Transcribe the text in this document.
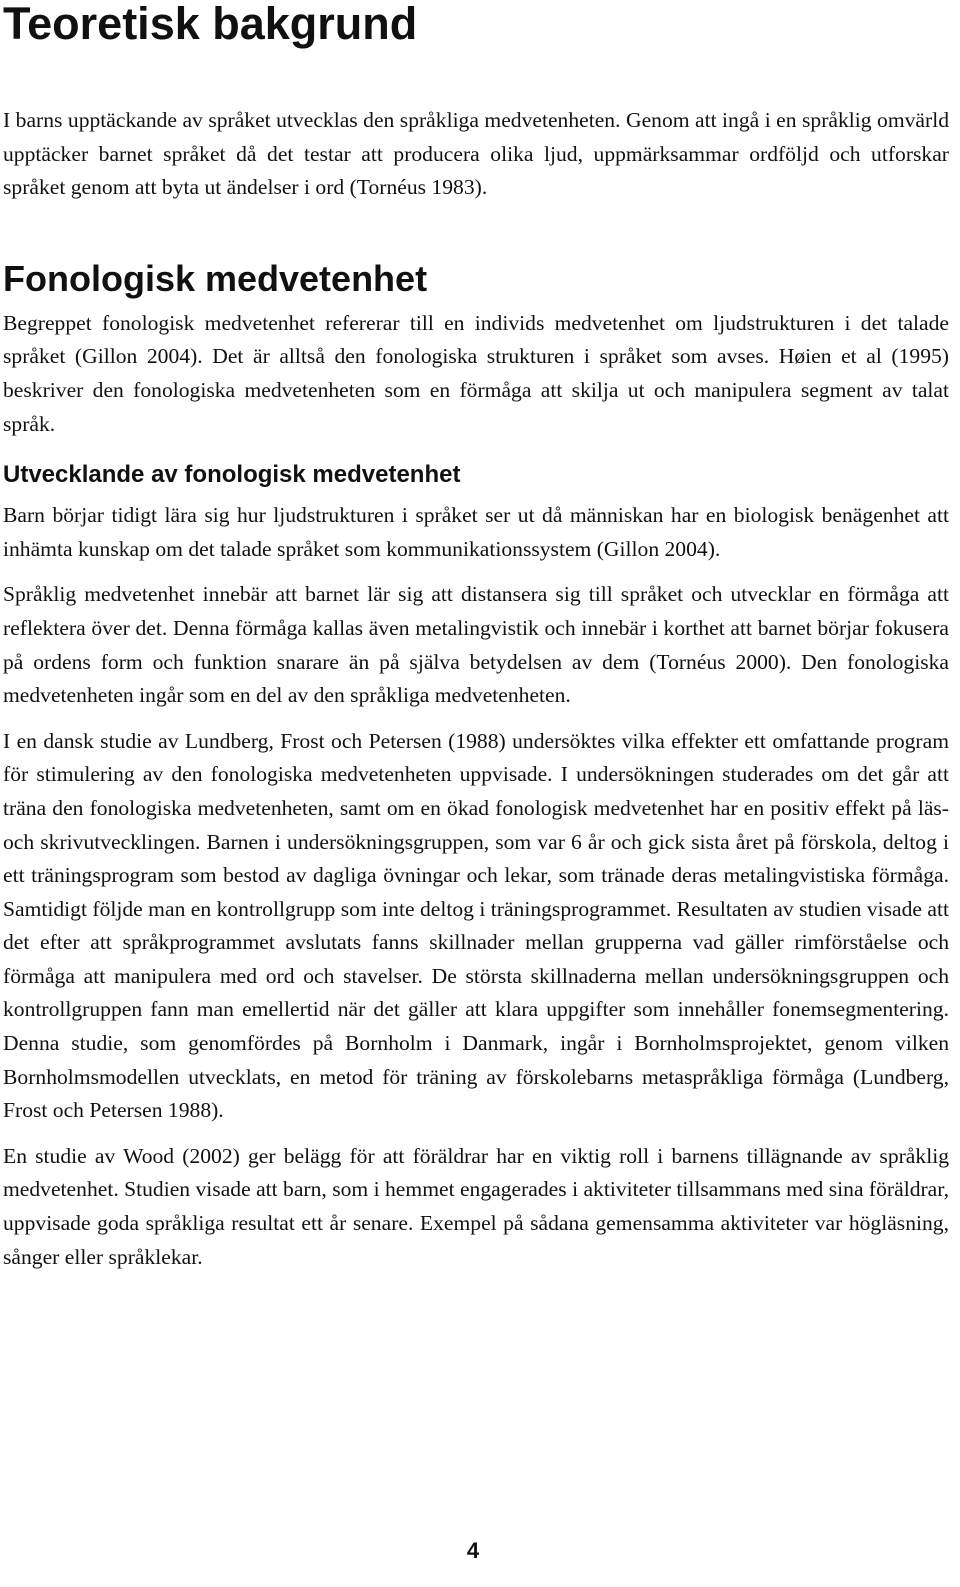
Teoretisk bakgrund

I barns upptäckande av språket utvecklas den språkliga medvetenheten. Genom att ingå i en språklig omvärld upptäcker barnet språket då det testar att producera olika ljud, uppmärksammar ordföljd och utforskar språket genom att byta ut ändelser i ord (Tornéus 1983).

Fonologisk medvetenhet

Begreppet fonologisk medvetenhet refererar till en individs medvetenhet om ljudstrukturen i det talade språket (Gillon 2004). Det är alltså den fonologiska strukturen i språket som avses. Høien et al (1995) beskriver den fonologiska medvetenheten som en förmåga att skilja ut och manipulera segment av talat språk.

Utvecklande av fonologisk medvetenhet

Barn börjar tidigt lära sig hur ljudstrukturen i språket ser ut då människan har en biologisk benägenhet att inhämta kunskap om det talade språket som kommunikationssystem (Gillon 2004).

Språklig medvetenhet innebär att barnet lär sig att distansera sig till språket och utvecklar en förmåga att reflektera över det. Denna förmåga kallas även metalingvistik och innebär i korthet att barnet börjar fokusera på ordens form och funktion snarare än på själva betydelsen av dem (Tornéus 2000). Den fonologiska medvetenheten ingår som en del av den språkliga medvetenheten.

I en dansk studie av Lundberg, Frost och Petersen (1988) undersöktes vilka effekter ett omfattande program för stimulering av den fonologiska medvetenheten uppvisade. I undersökningen studerades om det går att träna den fonologiska medvetenheten, samt om en ökad fonologisk medvetenhet har en positiv effekt på läs- och skrivutvecklingen. Barnen i undersökningsgruppen, som var 6 år och gick sista året på förskola, deltog i ett träningsprogram som bestod av dagliga övningar och lekar, som tränade deras metalingvistiska förmåga. Samtidigt följde man en kontrollgrupp som inte deltog i träningsprogrammet. Resultaten av studien visade att det efter att språkprogrammet avslutats fanns skillnader mellan grupperna vad gäller rimförståelse och förmåga att manipulera med ord och stavelser. De största skillnaderna mellan undersökningsgruppen och kontrollgruppen fann man emellertid när det gäller att klara uppgifter som innehåller fonemsegmentering. Denna studie, som genomfördes på Bornholm i Danmark, ingår i Bornholmsprojektet, genom vilken Bornholmsmodellen utvecklats, en metod för träning av förskolebarns metaspråkliga förmåga (Lundberg, Frost och Petersen 1988).

En studie av Wood (2002) ger belägg för att föräldrar har en viktig roll i barnens tillägnande av språklig medvetenhet. Studien visade att barn, som i hemmet engagerades i aktiviteter tillsammans med sina föräldrar, uppvisade goda språkliga resultat ett år senare. Exempel på sådana gemensamma aktiviteter var högläsning, sånger eller språklekar.

4
